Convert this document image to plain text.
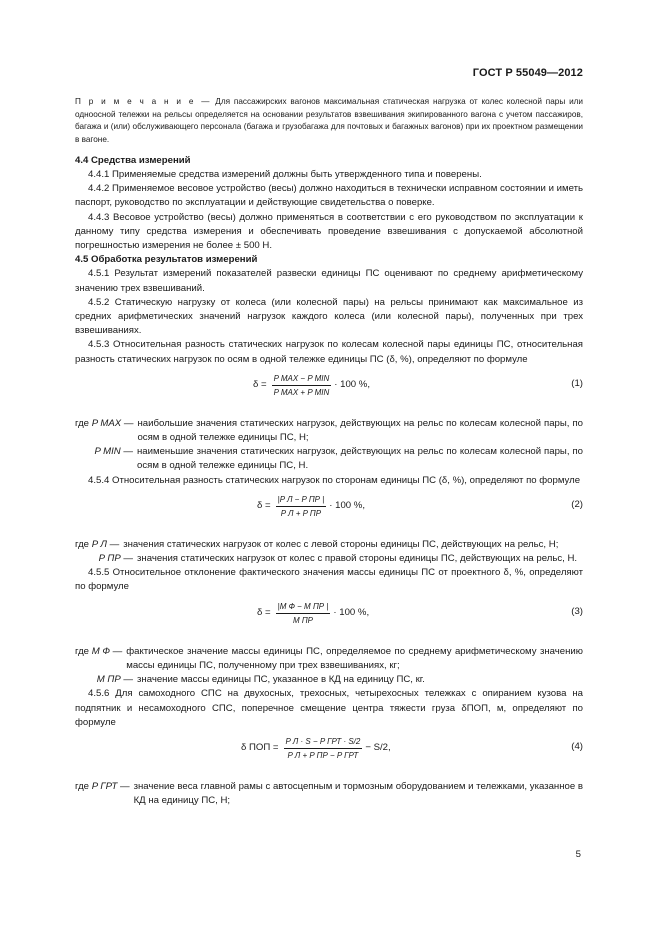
ГОСТ Р 55049—2012
П р и м е ч а н и е — Для пассажирских вагонов максимальная статическая нагрузка от колес колесной пары или одноосной тележки на рельсы определяется на основании результатов взвешивания экипированного вагона с учетом пассажиров, багажа и (или) обслуживающего персонала (багажа и грузобагажа для почтовых и багажных вагонов) при их проектном размещении в вагоне.

4.4 Средства измерений

4.4.1 Применяемые средства измерений должны быть утвержденного типа и поверены.

4.4.2 Применяемое весовое устройство (весы) должно находиться в технически исправном состоянии и иметь паспорт, руководство по эксплуатации и действующие свидетельства о поверке.

4.4.3 Весовое устройство (весы) должно применяться в соответствии с его руководством по эксплуатации к данному типу средства измерения и обеспечивать проведение взвешивания с допускаемой абсолютной погрешностью измерения не более ± 500 Н.

4.5 Обработка результатов измерений

4.5.1 Результат измерений показателей развески единицы ПС оценивают по среднему арифметическому значению трех взвешиваний.

4.5.2 Статическую нагрузку от колеса (или колесной пары) на рельсы принимают как максимальное из средних арифметических значений нагрузок каждого колеса (или колесной пары), полученных при трех взвешиваниях.

4.5.3 Относительная разность статических нагрузок по колесам колесной пары единицы ПС, относительная разность статических нагрузок по осям в одной тележке единицы ПС (δ, %), определяют по формуле

$\delta = \frac{\text{P MAX − P MIN}}{\text{P MAX + P MIN}} \cdot 100$ %,	(1)
где P MAX — наибольшие значения статических нагрузок, действующих на рельс по колесам колесной пары, по осям в одной тележке единицы ПС, Н;
P MIN — наименьшие значения статических нагрузок, действующих на рельс по колесам колесной пары, по осям в одной тележке единицы ПС, Н.

4.5.4 Относительная разность статических нагрузок по сторонам единицы ПС (δ, %), определяют по формуле

$\delta = \frac{\text{|P Л − P ПР |}}{\text{P Л + P ПР}} \cdot 100$ %,	(2)
где P Л — значения статических нагрузок от колес с левой стороны единицы ПС, действующих на рельс, Н;
P ПР — значения статических нагрузок от колес с правой стороны единицы ПС, действующих на рельс, Н.

4.5.5 Относительное отклонение фактического значения массы единицы ПС от проектного δ, %, определяют по формуле

$\delta = \frac{\text{|M Ф − M ПР |}}{\text{M ПР}} \cdot 100$ %,	(3)
где M Ф — фактическое значение массы единицы ПС, определяемое по среднему арифметическому значению массы единицы ПС, полученному при трех взвешиваниях, кг;
M ПР — значение массы единицы ПС, указанное в КД на единицу ПС, кг.

4.5.6 Для самоходного СПС на двухосных, трехосных, четырехосных тележках с опиранием кузова на подпятник и несамоходного СПС, поперечное смещение центра тяжести груза δПОП, м, определяют по формуле

δ ПОП = $\frac{\text{P Л · S − P ГРТ · S/2}}{\text{P Л + P ПР − P ГРТ}} - S/2$,	(4)
где P ГРТ — значение веса главной рамы с автосцепным и тормозным оборудованием и тележками, указанное в КД на единицу ПС, Н;
5
